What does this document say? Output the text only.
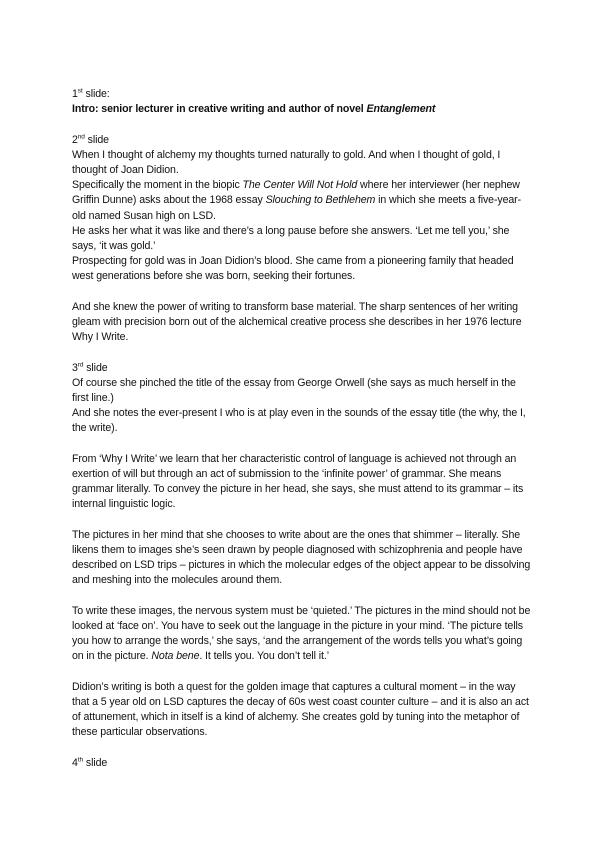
1st slide:

Intro: senior lecturer in creative writing and author of novel Entanglement

2nd slide

When I thought of alchemy my thoughts turned naturally to gold. And when I thought of gold, I thought of Joan Didion.

Specifically the moment in the biopic The Center Will Not Hold where her interviewer (her nephew Griffin Dunne) asks about the 1968 essay Slouching to Bethlehem in which she meets a five-year-old named Susan high on LSD.

He asks her what it was like and there’s a long pause before she answers. ‘Let me tell you,’ she says, ‘it was gold.’

Prospecting for gold was in Joan Didion’s blood. She came from a pioneering family that headed west generations before she was born, seeking their fortunes.

And she knew the power of writing to transform base material. The sharp sentences of her writing gleam with precision born out of the alchemical creative process she describes in her 1976 lecture Why I Write.

3rd slide

Of course she pinched the title of the essay from George Orwell (she says as much herself in the first line.)

And she notes the ever-present I who is at play even in the sounds of the essay title (the why, the I, the write).

From ‘Why I Write’ we learn that her characteristic control of language is achieved not through an exertion of will but through an act of submission to the ‘infinite power’ of grammar. She means grammar literally. To convey the picture in her head, she says, she must attend to its grammar – its internal linguistic logic.

The pictures in her mind that she chooses to write about are the ones that shimmer – literally. She likens them to images she’s seen drawn by people diagnosed with schizophrenia and people have described on LSD trips – pictures in which the molecular edges of the object appear to be dissolving and meshing into the molecules around them.

To write these images, the nervous system must be ‘quieted.’ The pictures in the mind should not be looked at ‘face on’. You have to seek out the language in the picture in your mind. ‘The picture tells you how to arrange the words,’ she says, ‘and the arrangement of the words tells you what’s going on in the picture. Nota bene. It tells you. You don’t tell it.’

Didion’s writing is both a quest for the golden image that captures a cultural moment – in the way that a 5 year old on LSD captures the decay of 60s west coast counter culture – and it is also an act of attunement, which in itself is a kind of alchemy. She creates gold by tuning into the metaphor of these particular observations.

4th slide
